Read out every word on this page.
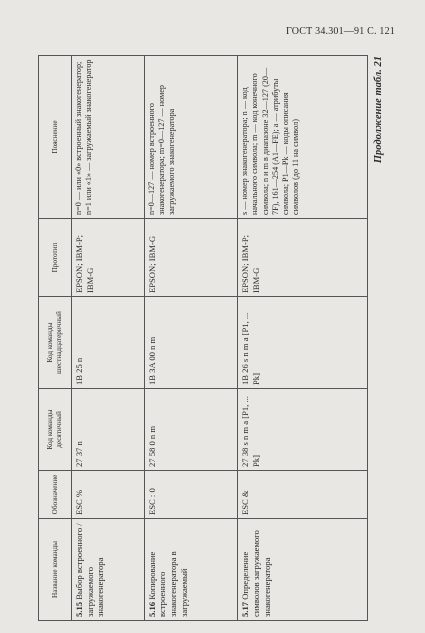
ГОСТ 34.301—91 С. 121
Название команды	Обозначение	Код команды десятичный	Код команды шестнадцатеричный	Прототип	Пояснение
5.15 Выбор встроенного / загружаемого знакогенератора	ESC %	27 37 n	1B 25 n	EPSON; IBM-P; IBM-G	n=0 — или «0» встроенный знакогенератор; n=1 или «1» — загружаемый знакогенератор
5.16 Копирование встроенного знакогенератора в загружаемый	ESC : 0	27 58 0 n m	1B 3A 00 n m	EPSON; IBM-G	n=0—127 — номер встроенного знакогенератора; m=0—127 — номер загружаемого знакогенератора
5.17 Определение символов загружаемого знакогенератора	ESC &	27 38 s n m a [P1, ... Pk]	1B 26 s n m a [P1, ... Pk]	EPSON; IBM-P; IBM-G	s — номер знакогенератора; n — код начального символа; m — код конечного символа; n и m в диапазоне 32—127 (20—7F), 161—254 (A1—FE); a — атрибуты символа; P1—Pk — коды описания символов (до 11 на символ)
Продолжение табл. 21
